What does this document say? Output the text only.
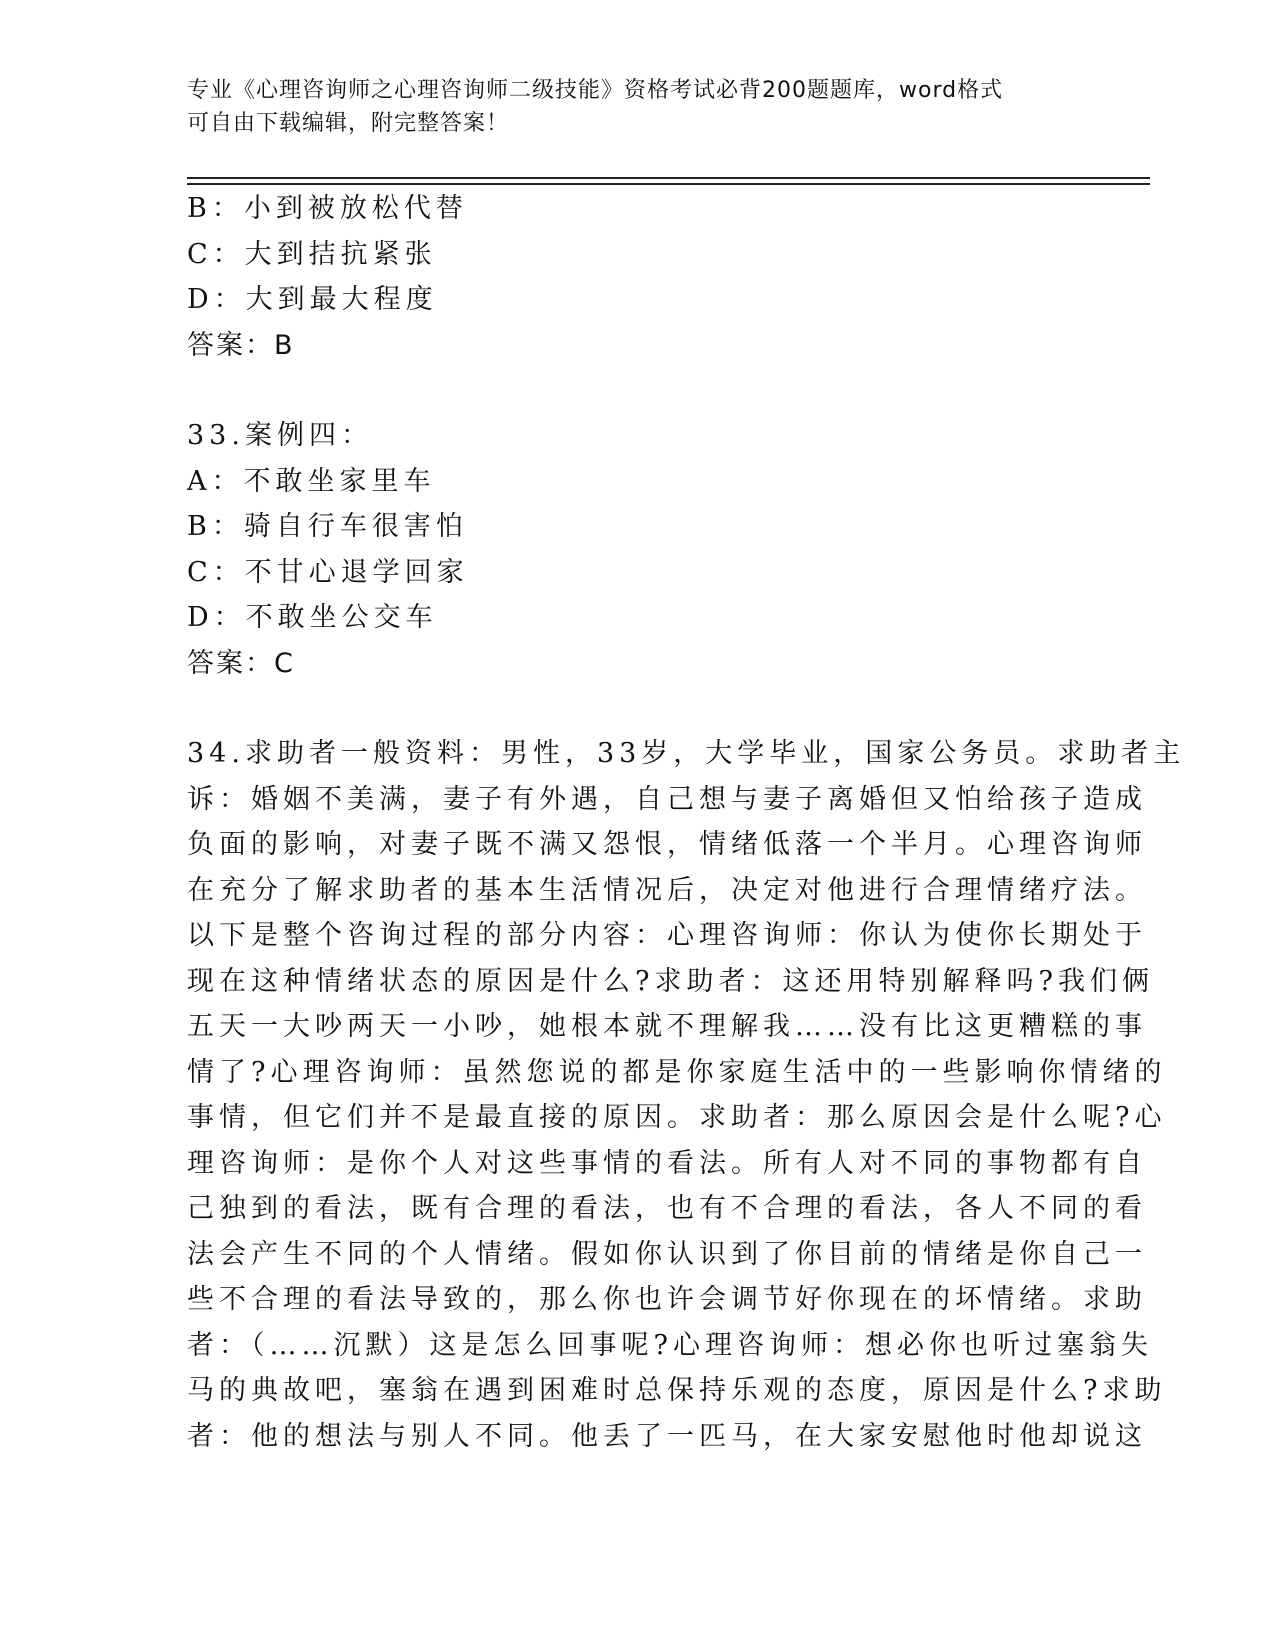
专业《心理咨询师之心理咨询师二级技能》资格考试必背200题题库，word格式

可自由下载编辑，附完整答案！

B：小到被放松代替

C：大到拮抗紧张

D：大到最大程度

答案：B

33.案例四：

A：不敢坐家里车

B：骑自行车很害怕

C：不甘心退学回家

D：不敢坐公交车

答案：C

34.求助者一般资料：男性，33岁，大学毕业，国家公务员。求助者主

诉：婚姻不美满，妻子有外遇，自己想与妻子离婚但又怕给孩子造成

负面的影响，对妻子既不满又怨恨，情绪低落一个半月。心理咨询师

在充分了解求助者的基本生活情况后，决定对他进行合理情绪疗法。

以下是整个咨询过程的部分内容：心理咨询师：你认为使你长期处于

现在这种情绪状态的原因是什么?求助者：这还用特别解释吗?我们俩

五天一大吵两天一小吵，她根本就不理解我……没有比这更糟糕的事

情了?心理咨询师：虽然您说的都是你家庭生活中的一些影响你情绪的

事情，但它们并不是最直接的原因。求助者：那么原因会是什么呢?心

理咨询师：是你个人对这些事情的看法。所有人对不同的事物都有自

己独到的看法，既有合理的看法，也有不合理的看法，各人不同的看

法会产生不同的个人情绪。假如你认识到了你目前的情绪是你自己一

些不合理的看法导致的，那么你也许会调节好你现在的坏情绪。求助

者：（……沉默）这是怎么回事呢?心理咨询师：想必你也听过塞翁失

马的典故吧，塞翁在遇到困难时总保持乐观的态度，原因是什么?求助

者：他的想法与别人不同。他丢了一匹马，在大家安慰他时他却说这
